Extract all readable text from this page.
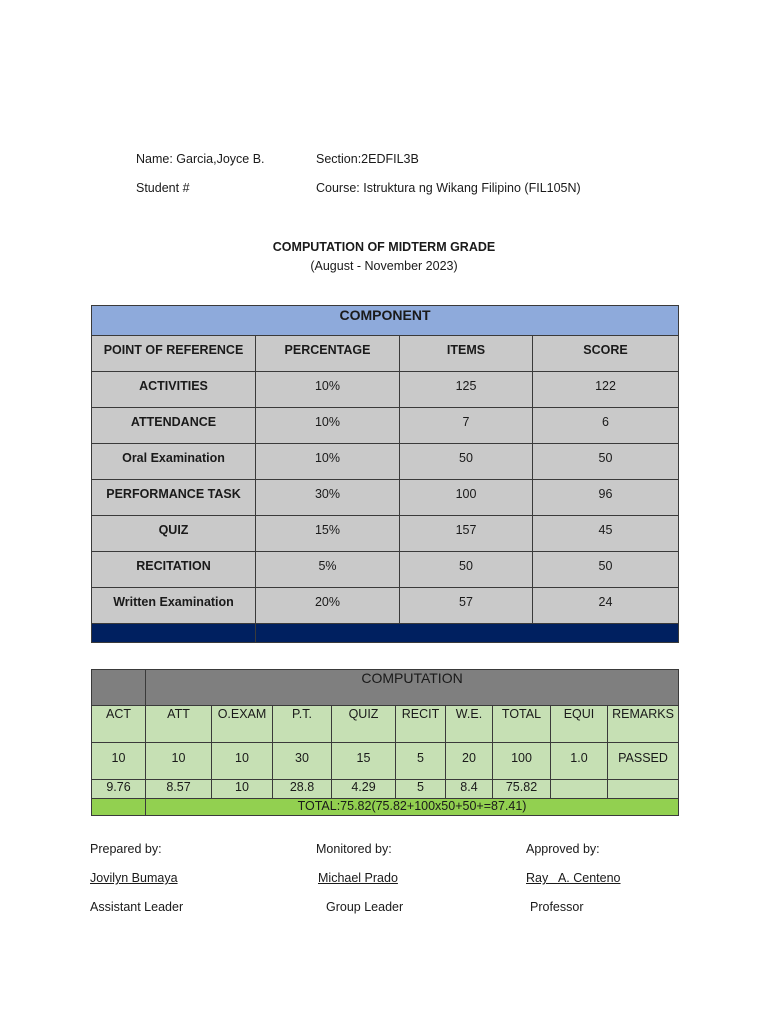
Name: Garcia,Joyce B.	Section:2EDFIL3B
Student #	Course: Istruktura ng Wikang Filipino (FIL105N)
COMPUTATION OF MIDTERM GRADE
(August - November 2023)
COMPONENT			
POINT OF REFERENCE	PERCENTAGE	ITEMS	SCORE
ACTIVITIES	10%	125	122
ATTENDANCE	10%	7	6
Oral Examination	10%	50	50
PERFORMANCE TASK	30%	100	96
QUIZ	15%	157	45
RECITATION	5%	50	50
Written Examination	20%	57	24

	COMPUTATION								
ACT	ATT	O.EXAM	P.T.	QUIZ	RECIT	W.E.	TOTAL	EQUI	REMARKS
10	10	10	30	15	5	20	100	1.0	PASSED
9.76	8.57	10	28.8	4.29	5	8.4	75.82		
	TOTAL:75.82(75.82+100x50+50+=87.41)								
Prepared by:
Jovilyn Bumaya
Assistant Leader
Monitored by:
Michael Prado
Group Leader
Approved by:
Ray   A. Centeno
Professor
